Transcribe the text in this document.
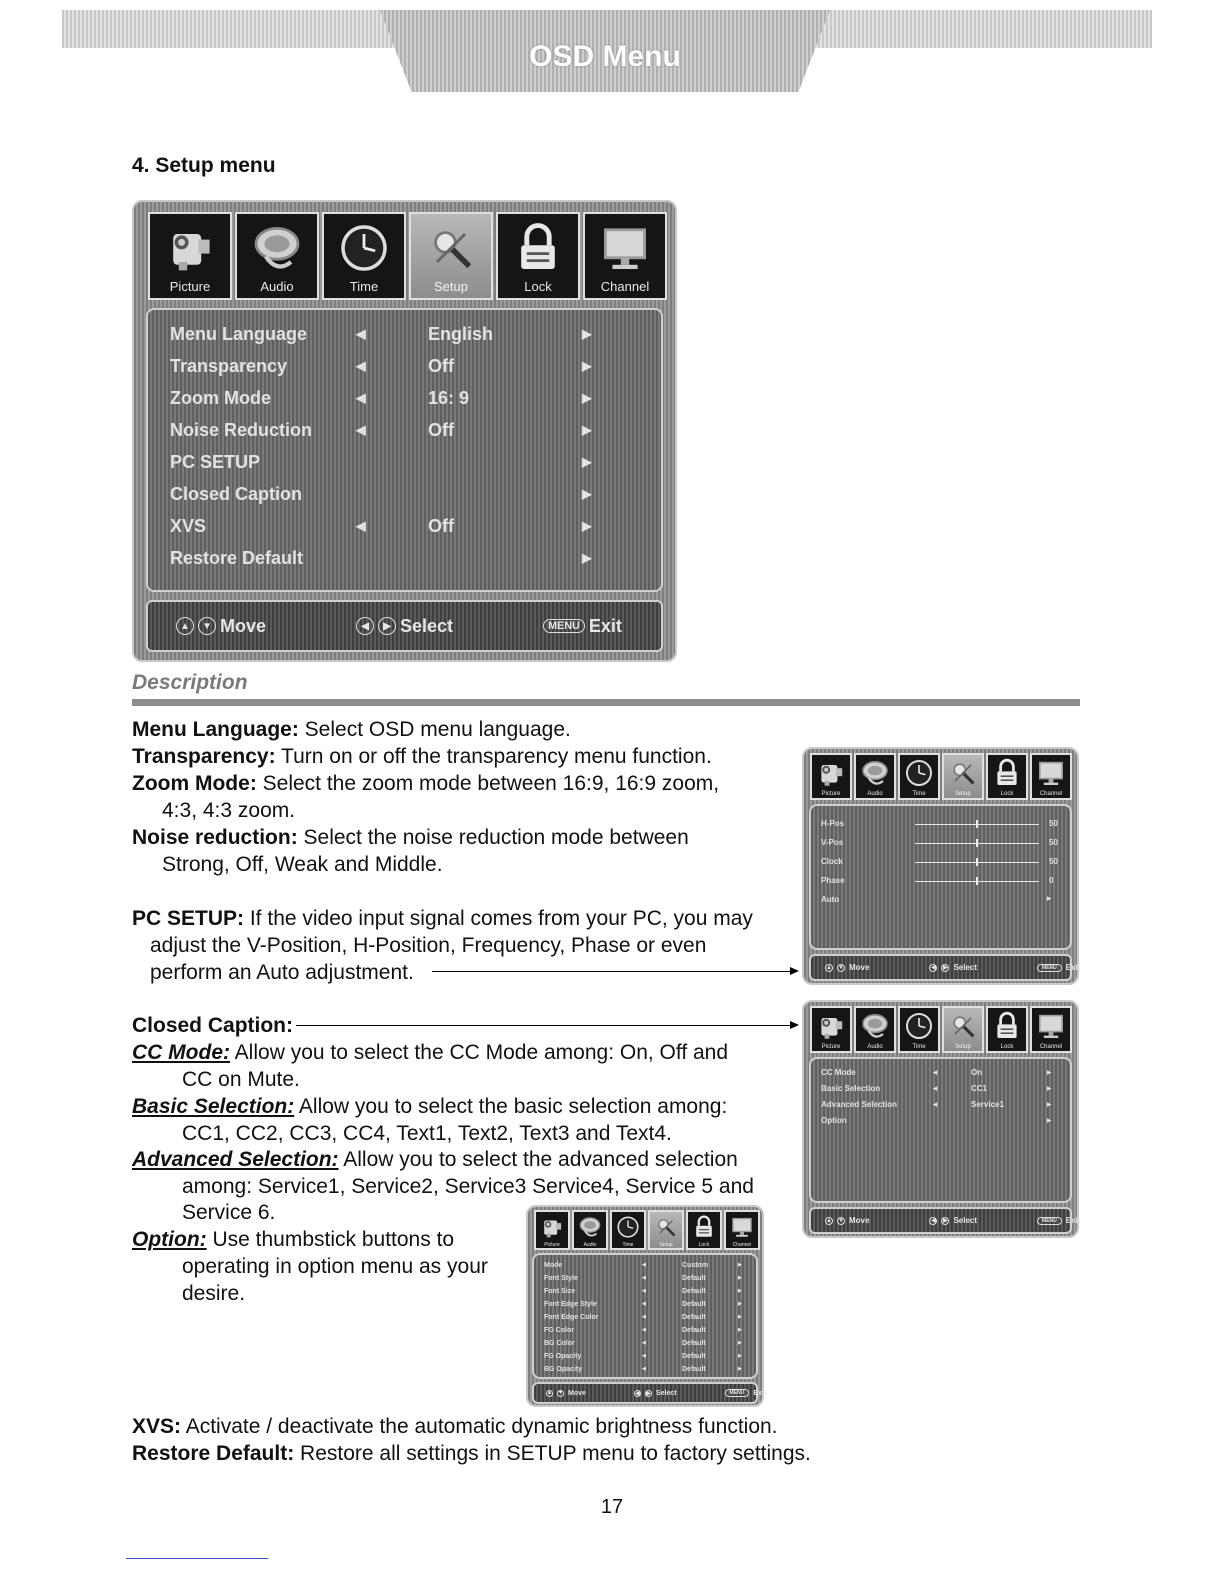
OSD Menu
4. Setup menu
Picture	Audio	Time	Setup	Lock	Channel
Menu Language	◀	English	▶
Transparency	◀	Off	▶
Zoom Mode	◀	16: 9	▶
Noise Reduction	◀	Off	▶
PC SETUP	▶
Closed Caption	▶
XVS	◀	Off	▶
Restore Default	▶
▲	▼ Move	◀	▶ Select	MENU Exit
Description
Menu Language: Select OSD menu language.
Transparency: Turn on or off the transparency menu function.
Zoom Mode: Select the zoom mode between 16:9, 16:9 zoom,
4:3, 4:3 zoom.
Noise reduction: Select the noise reduction mode between
Strong, Off, Weak and Middle.
PC SETUP: If the video input signal comes from your PC, you may
adjust the V-Position, H-Position, Frequency, Phase or even
perform an Auto adjustment.
Closed Caption:
CC Mode: Allow you to select the CC Mode among: On, Off and
CC on Mute.
Basic Selection: Allow you to select the basic selection among:
CC1, CC2, CC3, CC4, Text1, Text2, Text3 and Text4.
Advanced Selection: Allow you to select the advanced selection
among: Service1, Service2, Service3 Service4, Service 5 and
Service 6.
Option: Use thumbstick buttons to
operating in option menu as your
desire.
XVS: Activate / deactivate the automatic dynamic brightness function.
Restore Default: Restore all settings in SETUP menu to factory settings.
Picture	Audio	Time	Setup	Lock	Channel
H-Pos	50
V-Pos	50
Clock	50
Phase	0
Auto	▶
▲ ▼ Move	◀ ▶ Select	MENU	Exit
Picture	Audio	Time	Setup	Lock	Channel
CC Mode	◀	On	▶
Basic Selection	◀	CC1	▶
Advanced Selection	◀	Service1	▶
Option	▶
▲ ▼ Move	◀ ▶ Select	MENU	Exit
Picture	Audio	Time	Setup	Lock	Channel
Mode	◀	Custom	▶
Font Style	◀	Default	▶
Font Size	◀	Default	▶
Font Edge Style	◀	Default	▶
Font Edge Color	◀	Default	▶
FG Color	◀	Default	▶
BG Color	◀	Default	▶
FG Opacity	◀	Default	▶
BG Opacity	◀	Default	▶
▲ ▼ Move	◀ ▶ Select	MENU	Exit
17
